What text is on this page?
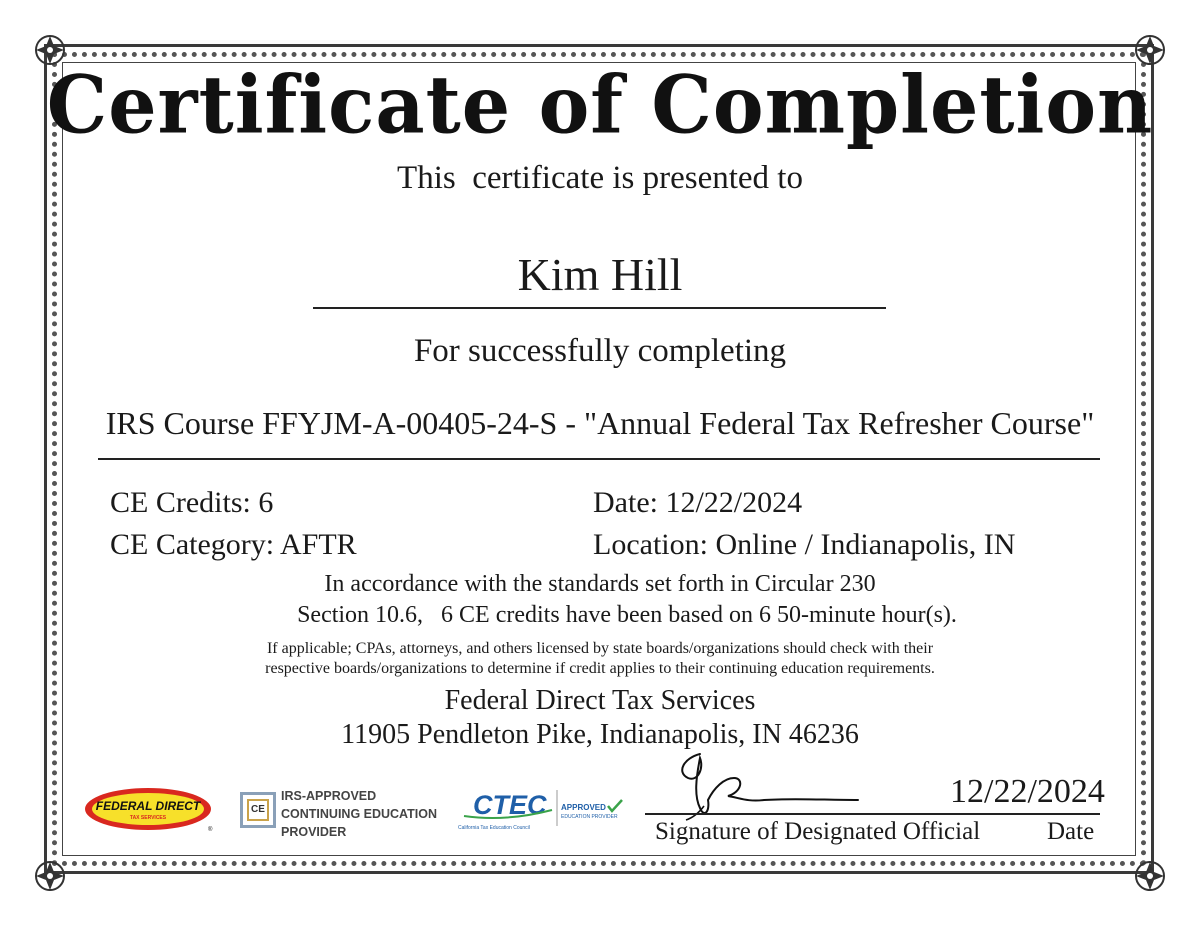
Certificate of Completion
This  certificate is presented to
Kim Hill
For successfully completing
IRS Course FFYJM-A-00405-24-S - "Annual Federal Tax Refresher Course"
CE Credits: 6
CE Category: AFTR
Date: 12/22/2024
Location: Online / Indianapolis, IN
In accordance with the standards set forth in Circular 230
Section 10.6,   6 CE credits have been based on 6 50-minute hour(s).
If applicable; CPAs, attorneys, and others licensed by state boards/organizations should check with their
respective boards/organizations to determine if credit applies to their continuing education requirements.
Federal Direct Tax Services
11905 Pendleton Pike, Indianapolis, IN 46236
FEDERAL DIRECT
TAX SERVICES
®
CE
IRS-APPROVED
CONTINUING EDUCATION
PROVIDER
CTEC
California Tax Education Council
APPROVED
EDUCATION PROVIDER
12/22/2024
Signature of Designated Official	Date
